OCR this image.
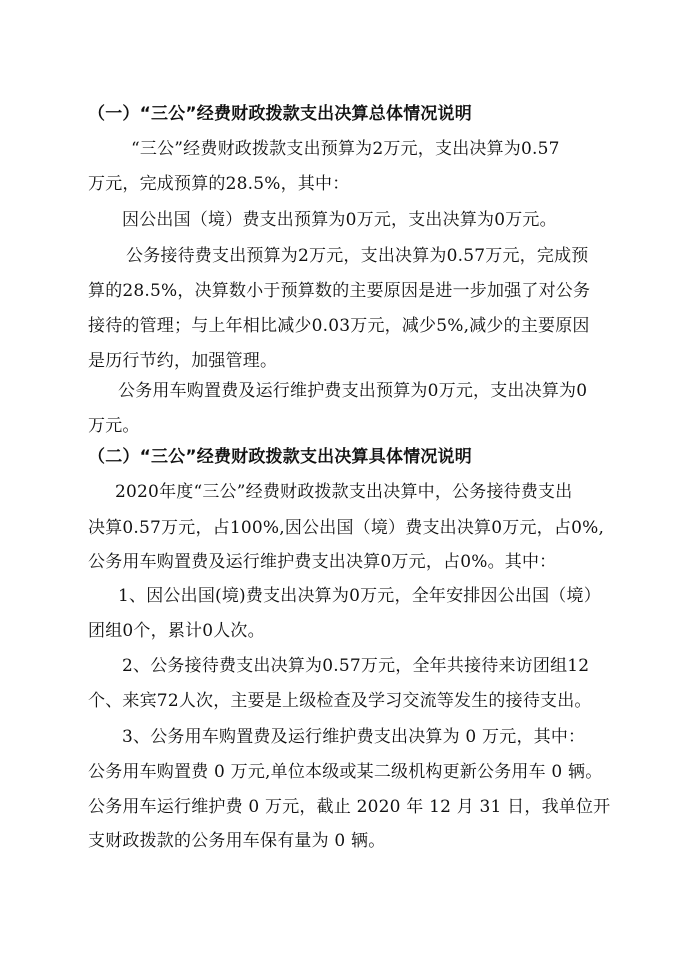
（一）“三公”经费财政拨款支出决算总体情况说明
“三公”经费财政拨款支出预算为2万元，支出决算为0.57
万元，完成预算的28.5%，其中：
因公出国（境）费支出预算为0万元，支出决算为0万元。
公务接待费支出预算为2万元，支出决算为0.57万元，完成预
算的28.5%，决算数小于预算数的主要原因是进一步加强了对公务
接待的管理；与上年相比减少0.03万元，减少5%,减少的主要原因
是历行节约，加强管理。
公务用车购置费及运行维护费支出预算为0万元，支出决算为0
万元。
（二）“三公”经费财政拨款支出决算具体情况说明
2020年度“三公”经费财政拨款支出决算中，公务接待费支出
决算0.57万元，占100%,因公出国（境）费支出决算0万元，占0%,
公务用车购置费及运行维护费支出决算0万元，占0%。其中：
1、因公出国(境)费支出决算为0万元，全年安排因公出国（境）
团组0个，累计0人次。
2、公务接待费支出决算为0.57万元，全年共接待来访团组12
个、来宾72人次，主要是上级检查及学习交流等发生的接待支出。
3、公务用车购置费及运行维护费支出决算为 0 万元，其中：
公务用车购置费 0 万元,单位本级或某二级机构更新公务用车 0 辆。
公务用车运行维护费 0 万元，截止 2020 年 12 月 31 日，我单位开
支财政拨款的公务用车保有量为 0 辆。
